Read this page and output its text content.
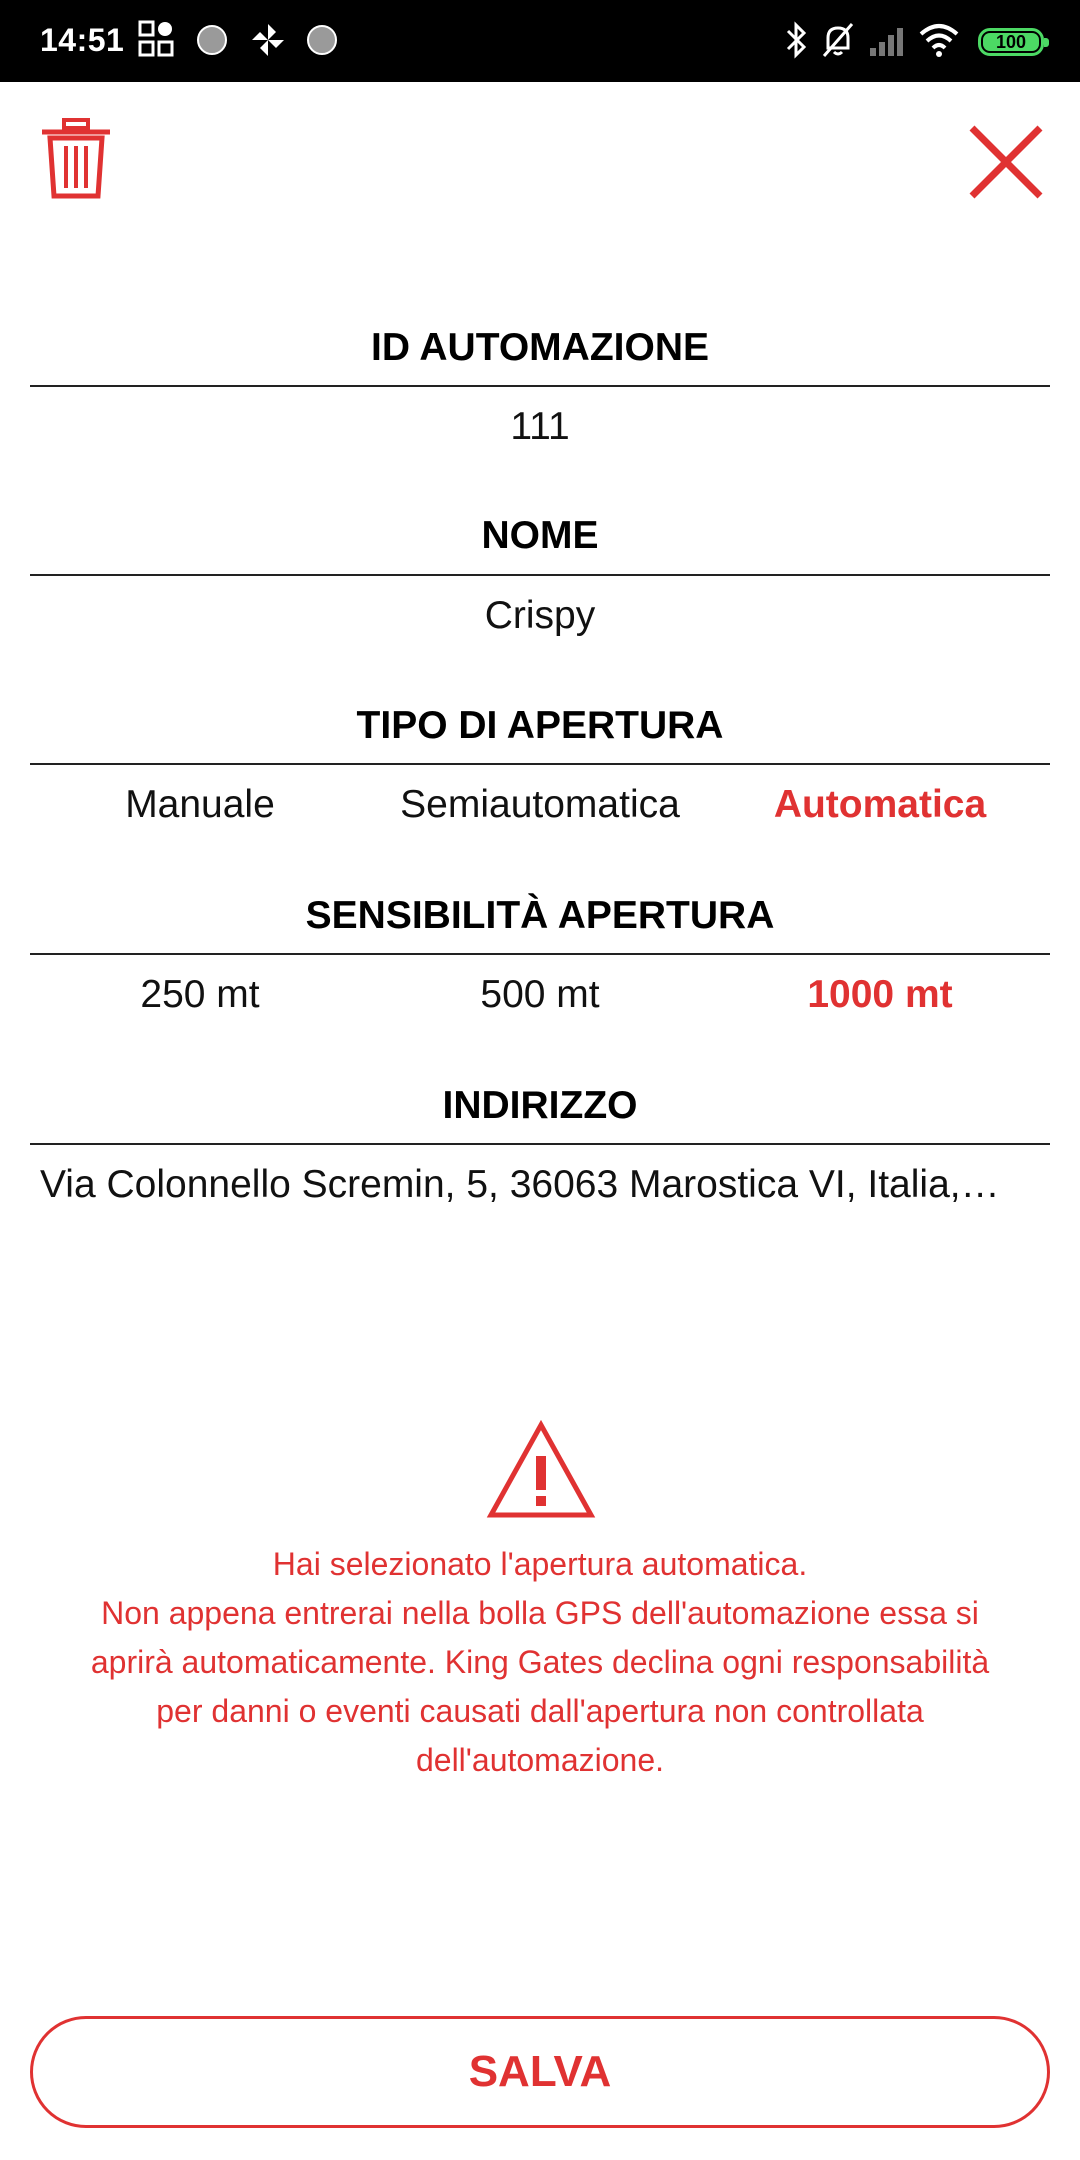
14:51	100
ID AUTOMAZIONE
111
NOME
Crispy
TIPO DI APERTURA
Manuale	Semiautomatica	Automatica
SENSIBILITÀ APERTURA
250 mt	500 mt	1000 mt
INDIRIZZO
Via Colonnello Scremin, 5, 36063 Marostica VI, Italia,…
Hai selezionato l'apertura automatica.
Non appena entrerai nella bolla GPS dell'automazione essa si
aprirà automaticamente. King Gates declina ogni responsabilità
per danni o eventi causati dall'apertura non controllata
dell'automazione.
SALVA
